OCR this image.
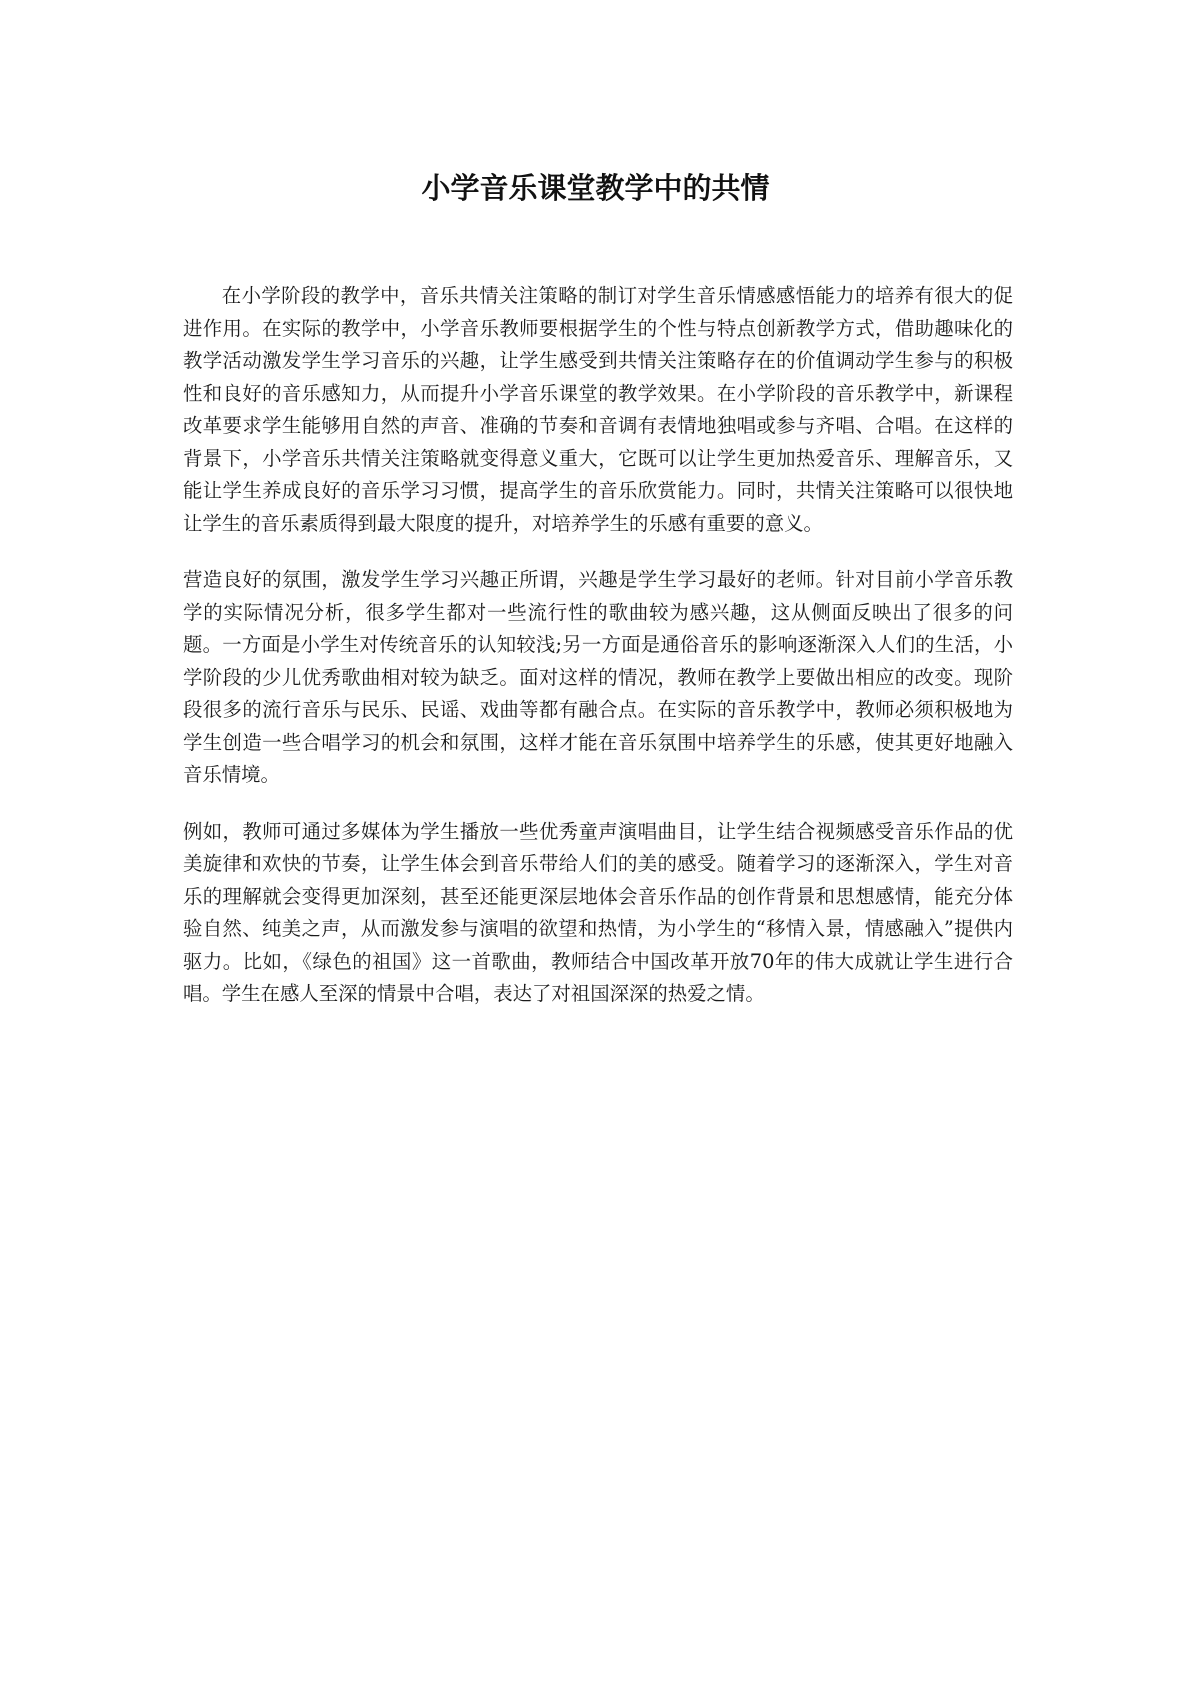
小学音乐课堂教学中的共情

在小学阶段的教学中，音乐共情关注策略的制订对学生音乐情感感悟能力的培养有很大的促进作用。在实际的教学中，小学音乐教师要根据学生的个性与特点创新教学方式，借助趣味化的教学活动激发学生学习音乐的兴趣，让学生感受到共情关注策略存在的价值调动学生参与的积极性和良好的音乐感知力，从而提升小学音乐课堂的教学效果。在小学阶段的音乐教学中，新课程改革要求学生能够用自然的声音、准确的节奏和音调有表情地独唱或参与齐唱、合唱。在这样的背景下，小学音乐共情关注策略就变得意义重大，它既可以让学生更加热爱音乐、理解音乐，又能让学生养成良好的音乐学习习惯，提高学生的音乐欣赏能力。同时，共情关注策略可以很快地让学生的音乐素质得到最大限度的提升，对培养学生的乐感有重要的意义。

营造良好的氛围，激发学生学习兴趣正所谓，兴趣是学生学习最好的老师。针对目前小学音乐教学的实际情况分析，很多学生都对一些流行性的歌曲较为感兴趣，这从侧面反映出了很多的问题。一方面是小学生对传统音乐的认知较浅;另一方面是通俗音乐的影响逐渐深入人们的生活，小学阶段的少儿优秀歌曲相对较为缺乏。面对这样的情况，教师在教学上要做出相应的改变。现阶段很多的流行音乐与民乐、民谣、戏曲等都有融合点。在实际的音乐教学中，教师必须积极地为学生创造一些合唱学习的机会和氛围，这样才能在音乐氛围中培养学生的乐感，使其更好地融入音乐情境。

例如，教师可通过多媒体为学生播放一些优秀童声演唱曲目，让学生结合视频感受音乐作品的优美旋律和欢快的节奏，让学生体会到音乐带给人们的美的感受。随着学习的逐渐深入，学生对音乐的理解就会变得更加深刻，甚至还能更深层地体会音乐作品的创作背景和思想感情，能充分体验自然、纯美之声，从而激发参与演唱的欲望和热情，为小学生的“移情入景，情感融入”提供内驱力。比如，《绿色的祖国》这一首歌曲，教师结合中国改革开放70年的伟大成就让学生进行合唱。学生在感人至深的情景中合唱，表达了对祖国深深的热爱之情。
